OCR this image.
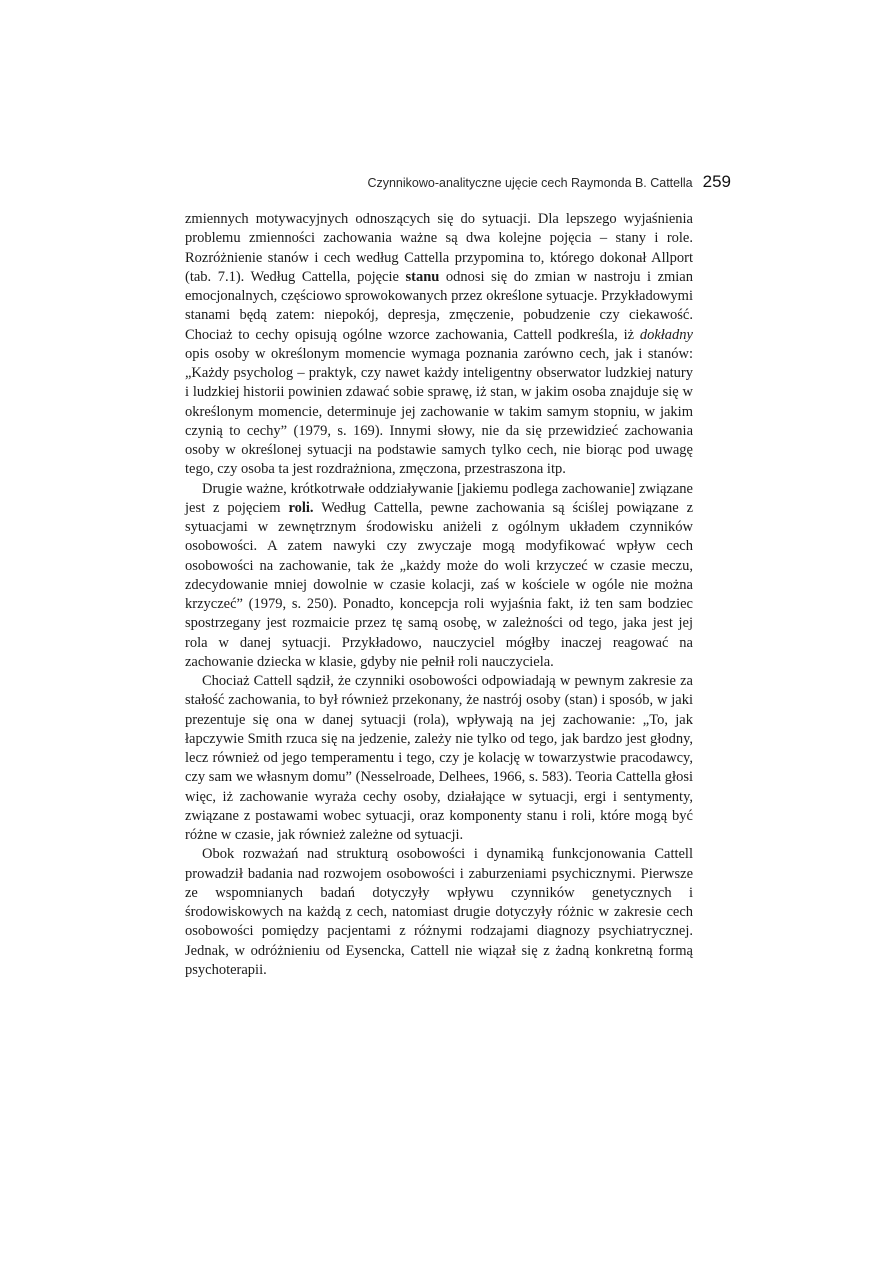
Czynnikowo-analityczne ujęcie cech Raymonda B. Cattella 259

zmiennych motywacyjnych odnoszących się do sytuacji. Dla lepszego wyjaśnienia problemu zmienności zachowania ważne są dwa kolejne pojęcia – stany i role. Rozróżnienie stanów i cech według Cattella przypomina to, którego dokonał Allport (tab. 7.1). Według Cattella, pojęcie stanu odnosi się do zmian w nastroju i zmian emocjonalnych, częściowo sprowokowanych przez określone sytuacje. Przykładowymi stanami będą zatem: niepokój, depresja, zmęczenie, pobudzenie czy ciekawość. Chociaż to cechy opisują ogólne wzorce zachowania, Cattell podkreśla, iż dokładny opis osoby w określonym momencie wymaga poznania zarówno cech, jak i stanów: „Każdy psycholog – praktyk, czy nawet każdy inteligentny obserwator ludzkiej natury i ludzkiej historii powinien zdawać sobie sprawę, iż stan, w jakim osoba znajduje się w określonym momencie, determinuje jej zachowanie w takim samym stopniu, w jakim czynią to cechy” (1979, s. 169). Innymi słowy, nie da się przewidzieć zachowania osoby w określonej sytuacji na podstawie samych tylko cech, nie biorąc pod uwagę tego, czy osoba ta jest rozdrażniona, zmęczona, przestraszona itp.

Drugie ważne, krótkotrwałe oddziaływanie [jakiemu podlega zachowanie] związane jest z pojęciem roli. Według Cattella, pewne zachowania są ściślej powiązane z sytuacjami w zewnętrznym środowisku aniżeli z ogólnym układem czynników osobowości. A zatem nawyki czy zwyczaje mogą modyfikować wpływ cech osobowości na zachowanie, tak że „każdy może do woli krzyczeć w czasie meczu, zdecydowanie mniej dowolnie w czasie kolacji, zaś w kościele w ogóle nie można krzyczeć” (1979, s. 250). Ponadto, koncepcja roli wyjaśnia fakt, iż ten sam bodziec spostrzegany jest rozmaicie przez tę samą osobę, w zależności od tego, jaka jest jej rola w danej sytuacji. Przykładowo, nauczyciel mógłby inaczej reagować na zachowanie dziecka w klasie, gdyby nie pełnił roli nauczyciela.

Chociaż Cattell sądził, że czynniki osobowości odpowiadają w pewnym zakresie za stałość zachowania, to był również przekonany, że nastrój osoby (stan) i sposób, w jaki prezentuje się ona w danej sytuacji (rola), wpływają na jej zachowanie: „To, jak łapczywie Smith rzuca się na jedzenie, zależy nie tylko od tego, jak bardzo jest głodny, lecz również od jego temperamentu i tego, czy je kolację w towarzystwie pracodawcy, czy sam we własnym domu” (Nesselroade, Delhees, 1966, s. 583). Teoria Cattella głosi więc, iż zachowanie wyraża cechy osoby, działające w sytuacji, ergi i sentymenty, związane z postawami wobec sytuacji, oraz komponenty stanu i roli, które mogą być różne w czasie, jak również zależne od sytuacji.

Obok rozważań nad strukturą osobowości i dynamiką funkcjonowania Cattell prowadził badania nad rozwojem osobowości i zaburzeniami psychicznymi. Pierwsze ze wspomnianych badań dotyczyły wpływu czynników genetycznych i środowiskowych na każdą z cech, natomiast drugie dotyczyły różnic w zakresie cech osobowości pomiędzy pacjentami z różnymi rodzajami diagnozy psychiatrycznej. Jednak, w odróżnieniu od Eysencka, Cattell nie wiązał się z żadną konkretną formą psychoterapii.
